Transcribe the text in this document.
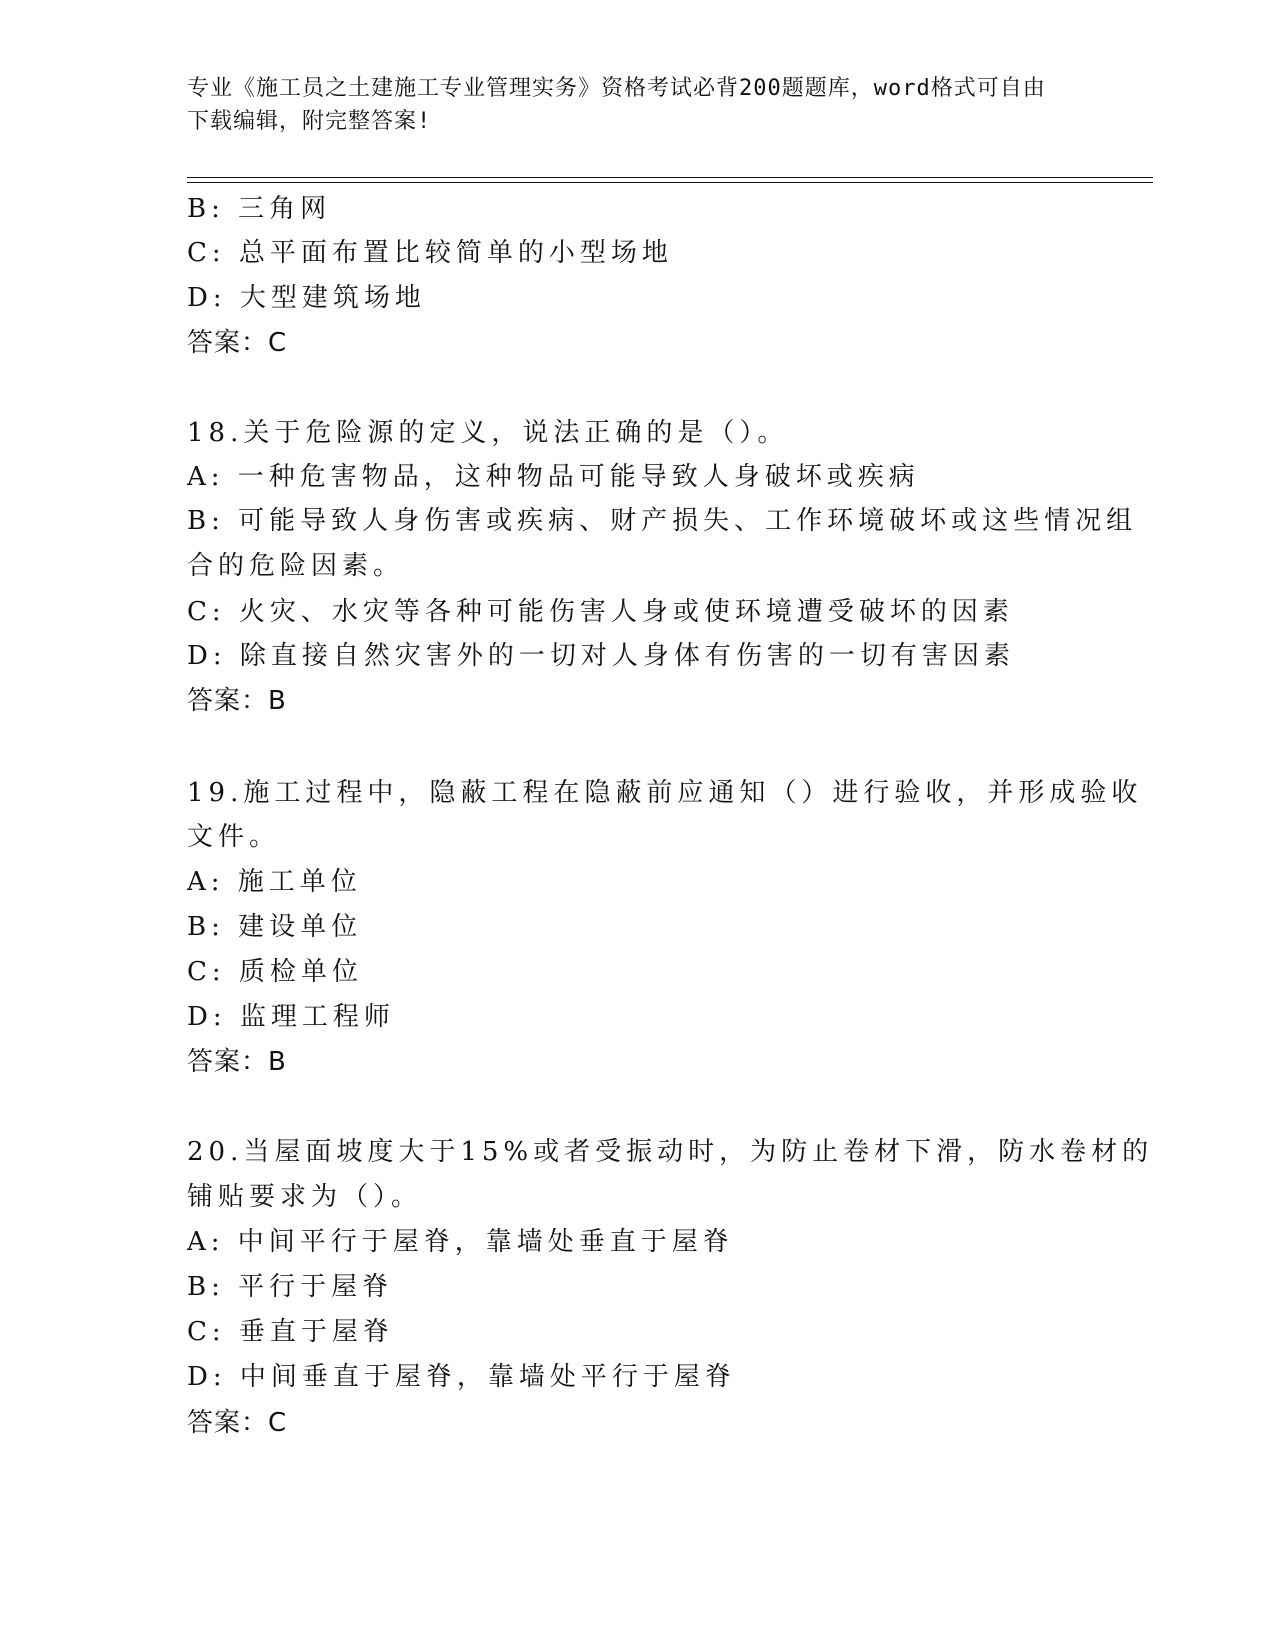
专业《施工员之土建施工专业管理实务》资格考试必背200题题库，word格式可自由下载编辑，附完整答案!
B: 三角网
C: 总平面布置比较简单的小型场地
D: 大型建筑场地
答案：C
18.关于危险源的定义，说法正确的是（）。
A: 一种危害物品，这种物品可能导致人身破坏或疾病
B: 可能导致人身伤害或疾病、财产损失、工作环境破坏或这些情况组
合的危险因素。
C: 火灾、水灾等各种可能伤害人身或使环境遭受破坏的因素
D: 除直接自然灾害外的一切对人身体有伤害的一切有害因素
答案：B
19.施工过程中，隐蔽工程在隐蔽前应通知（）进行验收，并形成验收
文件。
A: 施工单位
B: 建设单位
C: 质检单位
D: 监理工程师
答案：B
20.当屋面坡度大于15%或者受振动时，为防止卷材下滑，防水卷材的
铺贴要求为（）。
A: 中间平行于屋脊，靠墙处垂直于屋脊
B: 平行于屋脊
C: 垂直于屋脊
D: 中间垂直于屋脊，靠墙处平行于屋脊
答案：C
